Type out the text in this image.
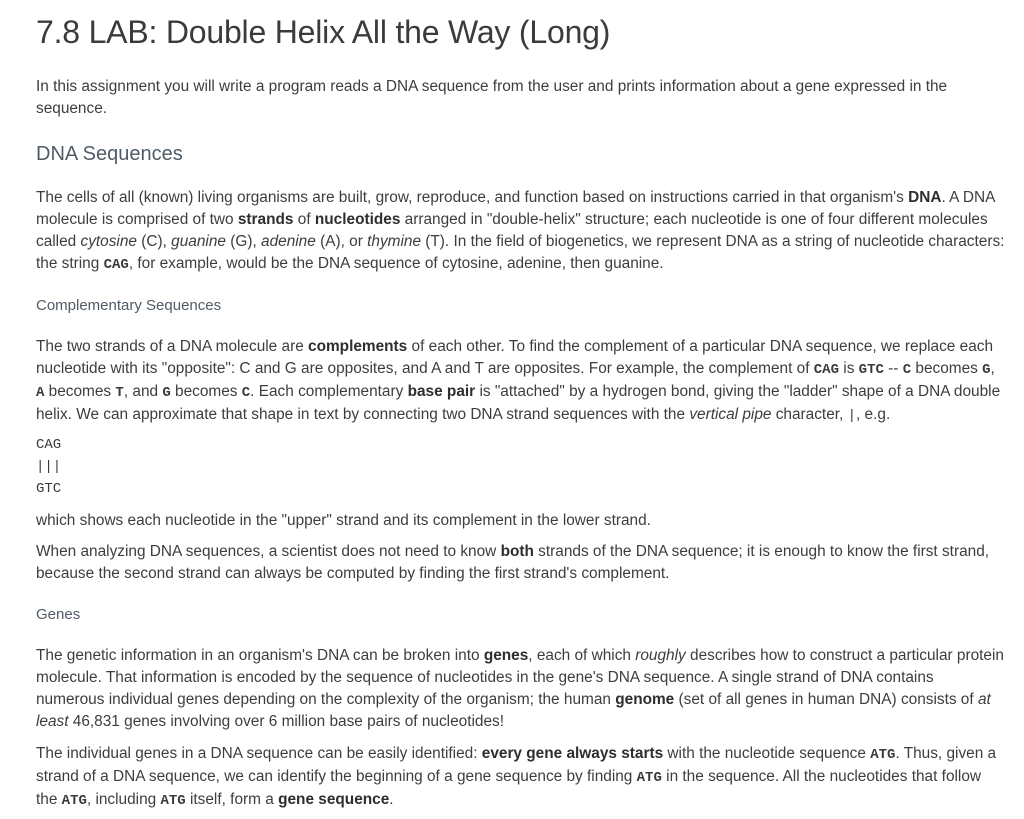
7.8 LAB: Double Helix All the Way (Long)

In this assignment you will write a program reads a DNA sequence from the user and prints information about a gene expressed in the sequence.

DNA Sequences

The cells of all (known) living organisms are built, grow, reproduce, and function based on instructions carried in that organism's DNA. A DNA molecule is comprised of two strands of nucleotides arranged in "double-helix" structure; each nucleotide is one of four different molecules called cytosine (C), guanine (G), adenine (A), or thymine (T). In the field of biogenetics, we represent DNA as a string of nucleotide characters: the string CAG, for example, would be the DNA sequence of cytosine, adenine, then guanine.

Complementary Sequences

The two strands of a DNA molecule are complements of each other. To find the complement of a particular DNA sequence, we replace each nucleotide with its "opposite": C and G are opposites, and A and T are opposites. For example, the complement of CAG is GTC -- C becomes G, A becomes T, and G becomes C. Each complementary base pair is "attached" by a hydrogen bond, giving the "ladder" shape of a DNA double helix. We can approximate that shape in text by connecting two DNA strand sequences with the vertical pipe character, |, e.g.

CAG

|||

GTC

which shows each nucleotide in the "upper" strand and its complement in the lower strand.

When analyzing DNA sequences, a scientist does not need to know both strands of the DNA sequence; it is enough to know the first strand, because the second strand can always be computed by finding the first strand's complement.

Genes

The genetic information in an organism's DNA can be broken into genes, each of which roughly describes how to construct a particular protein molecule. That information is encoded by the sequence of nucleotides in the gene's DNA sequence. A single strand of DNA contains numerous individual genes depending on the complexity of the organism; the human genome (set of all genes in human DNA) consists of at least 46,831 genes involving over 6 million base pairs of nucleotides!

The individual genes in a DNA sequence can be easily identified: every gene always starts with the nucleotide sequence ATG. Thus, given a strand of a DNA sequence, we can identify the beginning of a gene sequence by finding ATG in the sequence. All the nucleotides that follow the ATG, including ATG itself, form a gene sequence.
